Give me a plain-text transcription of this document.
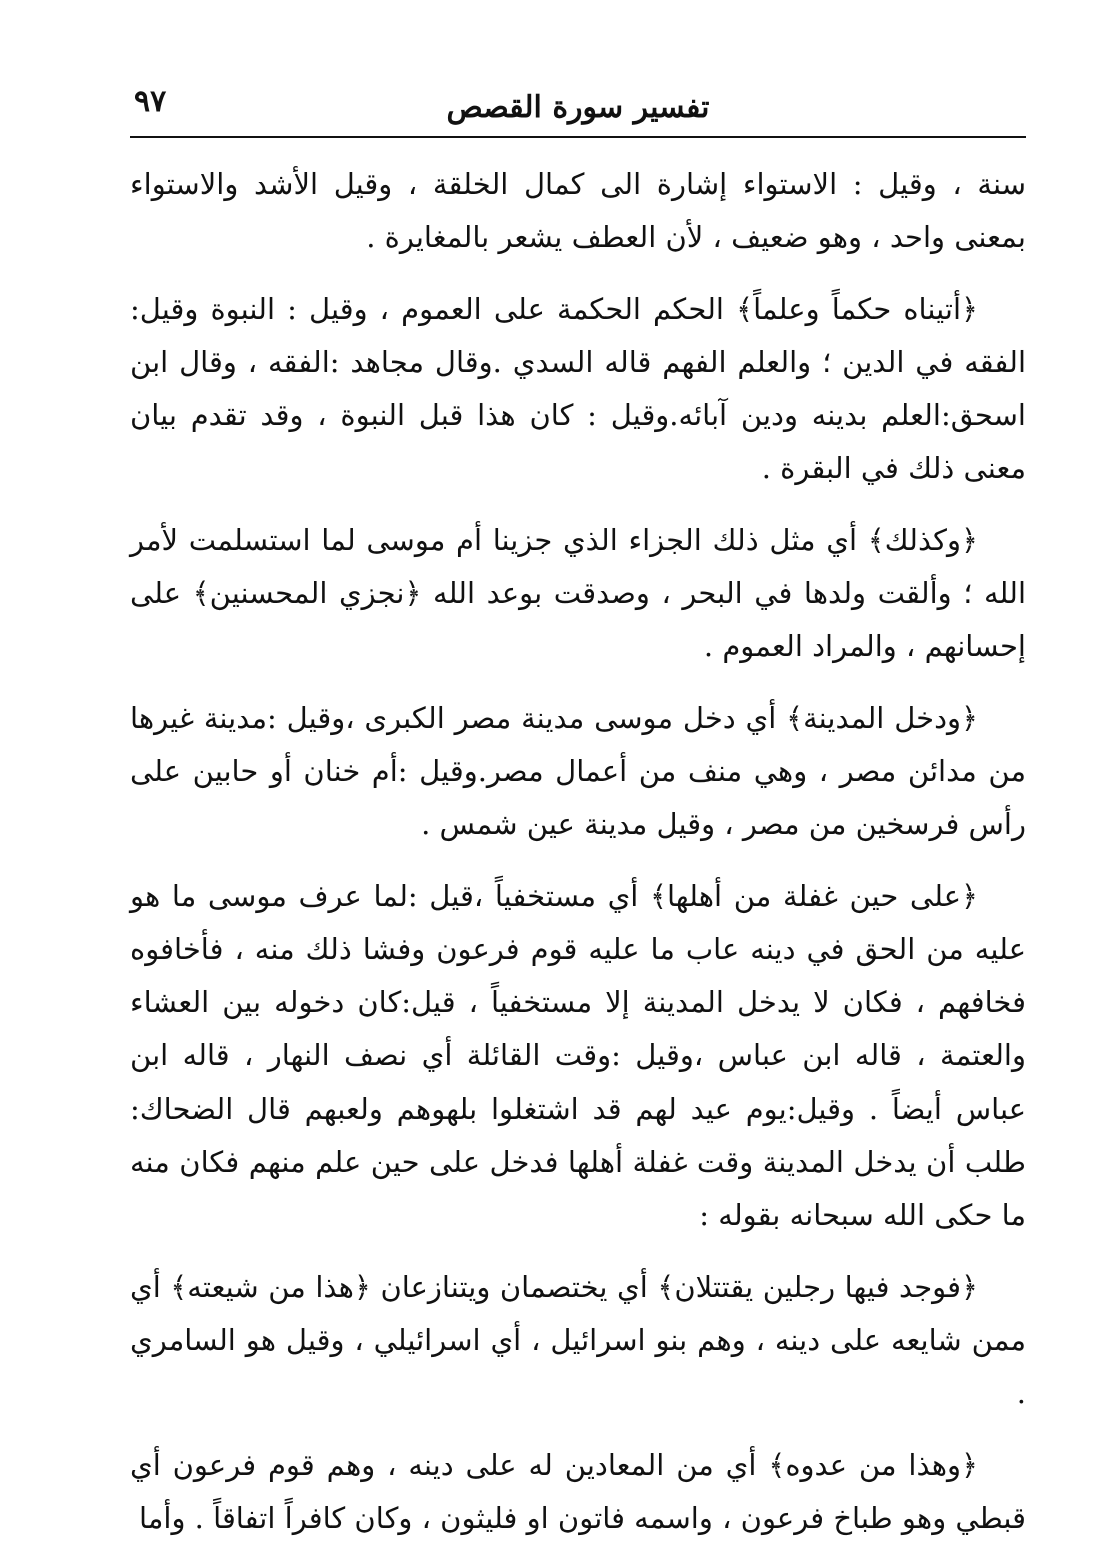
٩٧	تفسير سورة القصص

سنة ، وقيل : الاستواء إشارة الى كمال الخلقة ، وقيل الأشد والاستواء بمعنى واحد ، وهو ضعيف ، لأن العطف يشعر بالمغايرة .

﴿أتيناه حكماً وعلماً﴾ الحكم الحكمة على العموم ، وقيل : النبوة وقيل: الفقه في الدين ؛ والعلم الفهم قاله السدي .وقال مجاهد :الفقه ، وقال ابن اسحق:العلم بدينه ودين آبائه.وقيل : كان هذا قبل النبوة ، وقد تقدم بيان معنى ذلك في البقرة .

﴿وكذلك﴾ أي مثل ذلك الجزاء الذي جزينا أم موسى لما استسلمت لأمر الله ؛ وألقت ولدها في البحر ، وصدقت بوعد الله ﴿نجزي المحسنين﴾ على إحسانهم ، والمراد العموم .

﴿ودخل المدينة﴾ أي دخل موسى مدينة مصر الكبرى ،وقيل :مدينة غيرها من مدائن مصر ، وهي منف من أعمال مصر.وقيل :أم خنان أو حابين على رأس فرسخين من مصر ، وقيل مدينة عين شمس .

﴿على حين غفلة من أهلها﴾ أي مستخفياً ،قيل :لما عرف موسى ما هو عليه من الحق في دينه عاب ما عليه قوم فرعون وفشا ذلك منه ، فأخافوه فخافهم ، فكان لا يدخل المدينة إلا مستخفياً ، قيل:كان دخوله بين العشاء والعتمة ، قاله ابن عباس ،وقيل :وقت القائلة أي نصف النهار ، قاله ابن عباس أيضاً . وقيل:يوم عيد لهم قد اشتغلوا بلهوهم ولعبهم قال الضحاك: طلب أن يدخل المدينة وقت غفلة أهلها فدخل على حين علم منهم فكان منه ما حكى الله سبحانه بقوله :

﴿فوجد فيها رجلين يقتتلان﴾ أي يختصمان ويتنازعان ﴿هذا من شيعته﴾ أي ممن شايعه على دينه ، وهم بنو اسرائيل ، أي اسرائيلي ، وقيل هو السامري .

﴿وهذا من عدوه﴾ أي من المعادين له على دينه ، وهم قوم فرعون أي قبطي وهو طباخ فرعون ، واسمه فاتون او فليثون ، وكان كافراً اتفاقاً . وأما
